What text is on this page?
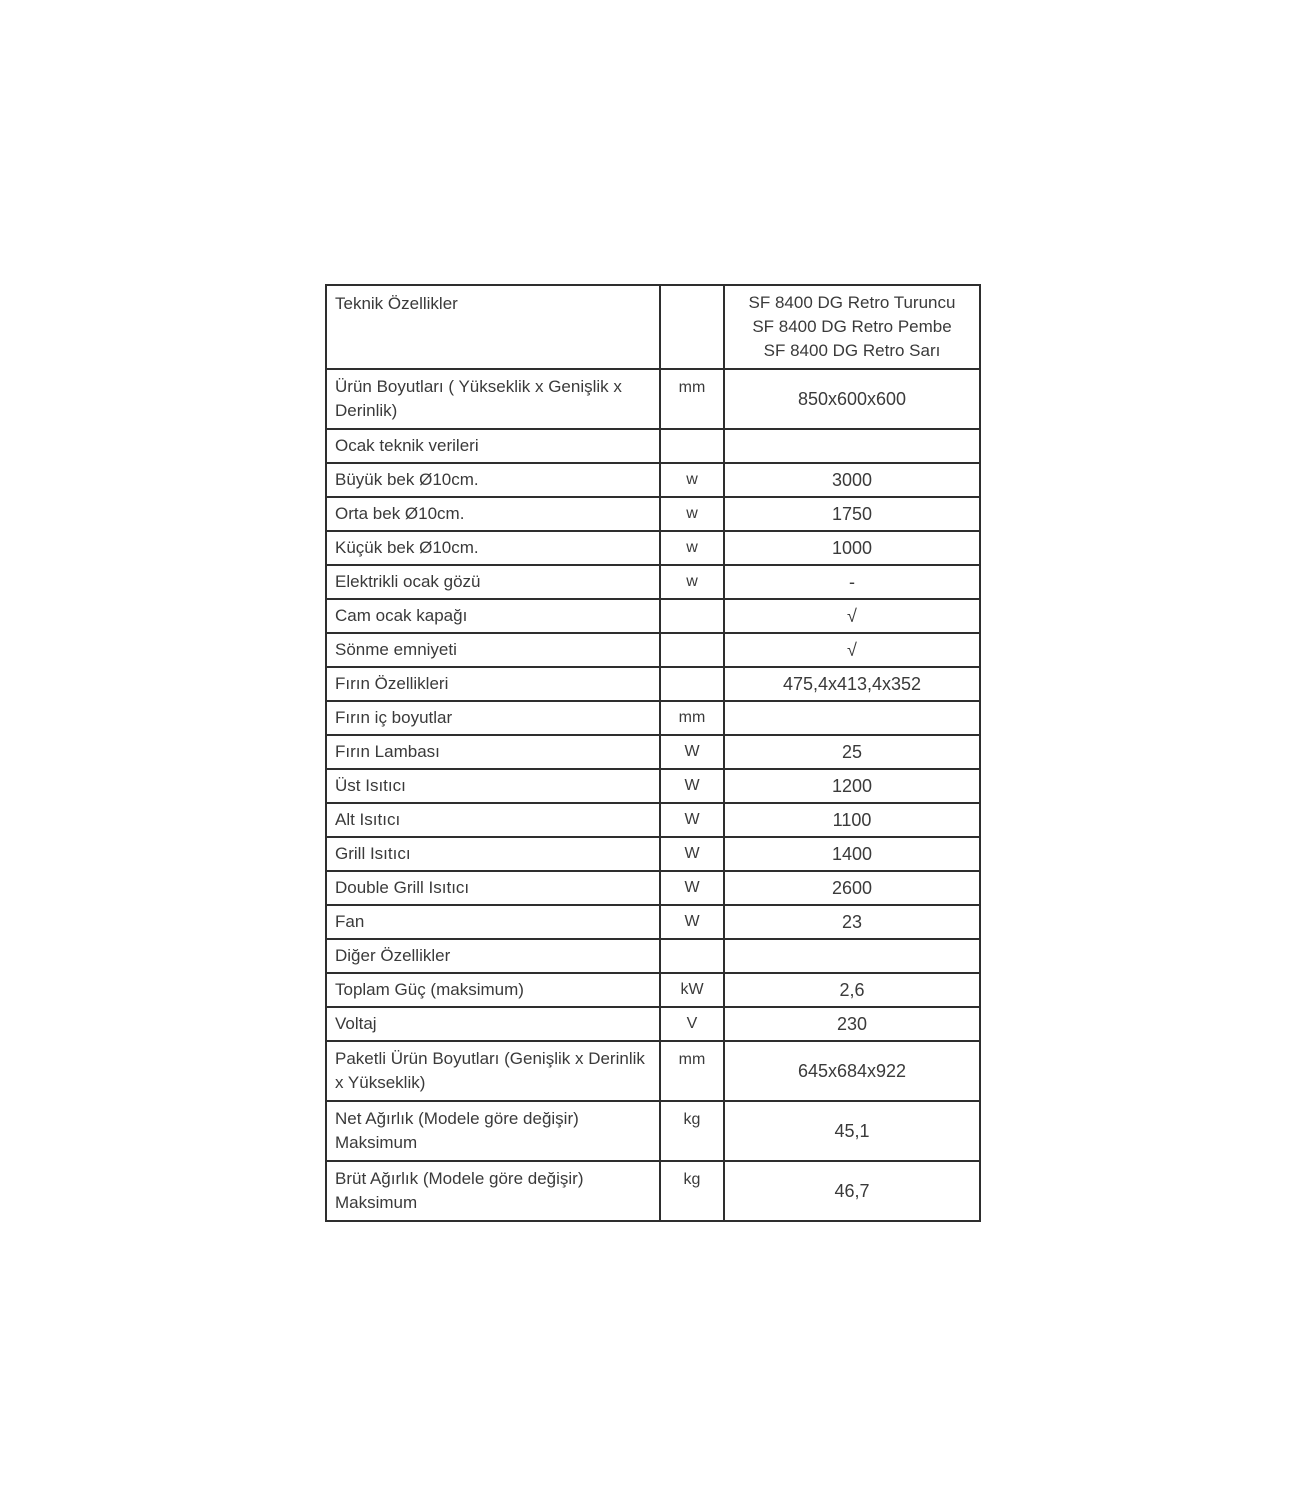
Teknik Özellikler		SF 8400 DG Retro Turuncu
SF 8400 DG Retro Pembe
SF 8400 DG Retro Sarı

Ürün Boyutları ( Yükseklik x Genişlik x Derinlik)	mm	850x600x600
Ocak teknik verileri		
Büyük bek Ø10cm.	w	3000
Orta bek Ø10cm.	w	1750
Küçük bek Ø10cm.	w	1000
Elektrikli ocak gözü	w	-
Cam ocak kapağı		√
Sönme emniyeti		√
Fırın Özellikleri		475,4x413,4x352
Fırın iç boyutlar	mm	
Fırın Lambası	W	25
Üst Isıtıcı	W	1200
Alt Isıtıcı	W	1100
Grill Isıtıcı	W	1400
Double Grill Isıtıcı	W	2600
Fan	W	23
Diğer Özellikler		
Toplam Güç (maksimum)	kW	2,6
Voltaj	V	230
Paketli Ürün Boyutları (Genişlik x Derinlik x Yükseklik)	mm	645x684x922
Net Ağırlık (Modele göre değişir) Maksimum	kg	45,1
Brüt Ağırlık (Modele göre değişir) Maksimum	kg	46,7
